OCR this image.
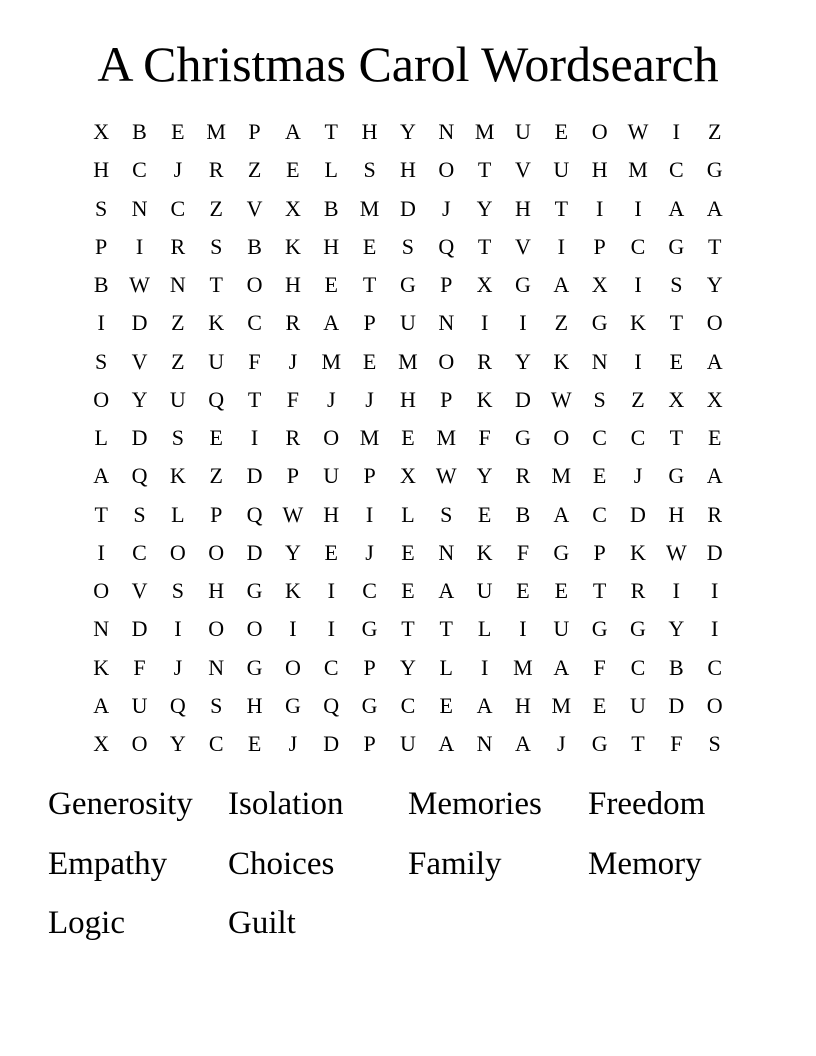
A Christmas Carol Wordsearch
X	B	E M	P	A	T	H	Y	N M U	E	O W	I	Z
H	C	J	R	Z	E	L	S	H	O	T	V	U	H M C	G
S	N	C	Z	V	X	B M D	J	Y	H	T	I	I	A	A
P	I	R	S	B	K	H	E	S	Q	T	V	I	P	C	G	T
B W N	T	O	H	E	T	G	P	X	G	A	X	I	S	Y
I	D	Z	K	C	R	A	P	U	N	I	I	Z	G	K	T	O
S	V	Z	U	F	J	M E M O	R	Y	K	N	I	E	A
O	Y	U	Q	T	F	J	J	H	P	K	D W S	Z	X	X
L	D	S	E	I	R	O M E M	F	G	O	C	C	T	E
A	Q	K	Z	D	P	U	P	X W Y	R M E	J	G	A
T	S	L	P	Q W H	I	L	S	E	B	A	C	D	H	R
I	C	O	O	D	Y	E	J	E	N	K	F	G	P	K W D
O	V	S	H	G	K	I	C	E	A	U	E	E	T	R	I	I
N	D	I	O	O	I	I	G	T	T	L	I	U	G	G	Y	I
K	F	J	N	G	O	C	P	Y	L	I	M A	F	C	B	C
A	U	Q	S	H	G	Q	G	C	E	A	H M E	U	D	O
X	O	Y	C	E	J	D	P	U	A	N	A	J	G	T	F	S
Generosity	Isolation	Memories	Freedom
Empathy	Choices	Family	Memory
Logic	Guilt
